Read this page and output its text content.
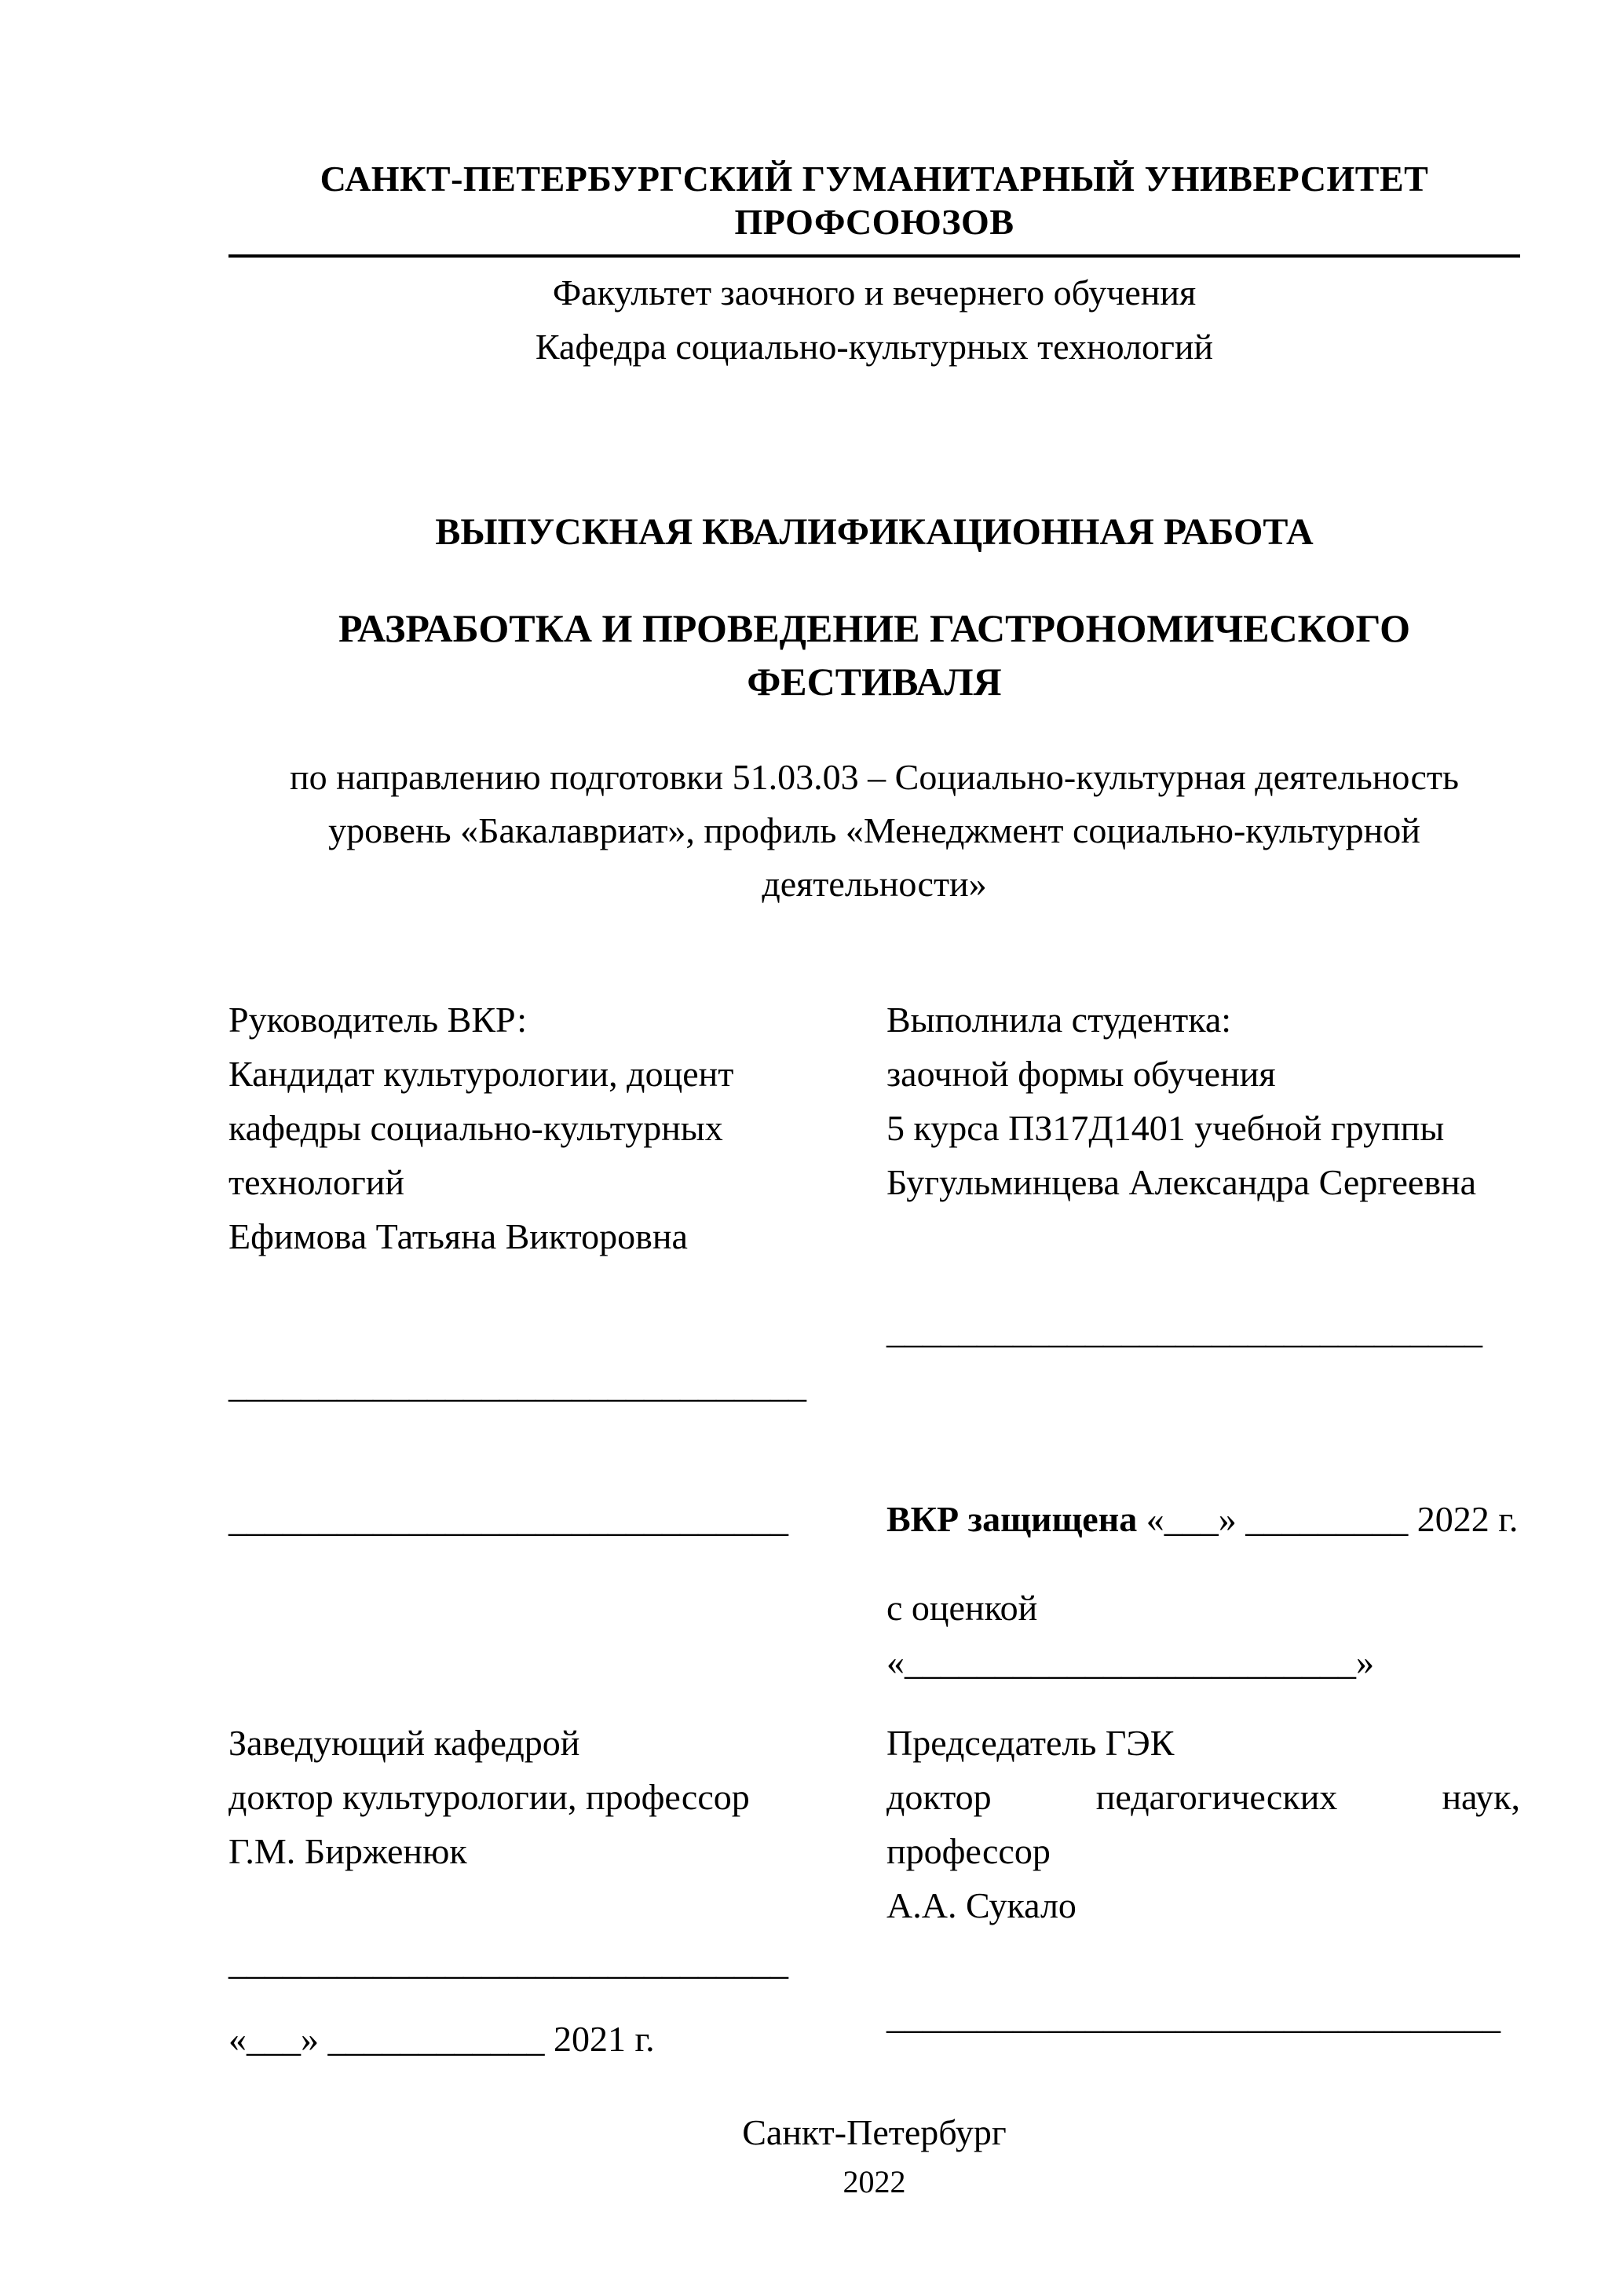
САНКТ-ПЕТЕРБУРГСКИЙ ГУМАНИТАРНЫЙ УНИВЕРСИТЕТ ПРОФСОЮЗОВ
Факультет заочного и вечернего обучения
Кафедра социально-культурных технологий
ВЫПУСКНАЯ КВАЛИФИКАЦИОННАЯ РАБОТА
РАЗРАБОТКА И ПРОВЕДЕНИЕ ГАСТРОНОМИЧЕСКОГО
ФЕСТИВАЛЯ
по направлению подготовки 51.03.03 – Социально-культурная деятельность
уровень «Бакалавриат», профиль «Менеджмент социально-культурной
деятельности»
Руководитель ВКР:
Кандидат культурологии, доцент
кафедры социально-культурных
технологий
Ефимова Татьяна Викторовна
________________________________
Выполнила студентка:
заочной формы обучения
5 курса ПЗ17Д1401 учебной группы
Бугульминцева Александра Сергеевна
_________________________________
_______________________________	ВКР защищена «___» _________ 2022 г.
с оценкой «_________________________»
Заведующий кафедрой
доктор культурологии, профессор
Г.М. Бирженюк
_______________________________
«___» ____________ 2021 г.
Председатель ГЭК
доктор педагогических наук,
профессор
А.А. Сукало
__________________________________
Санкт-Петербург
2022
